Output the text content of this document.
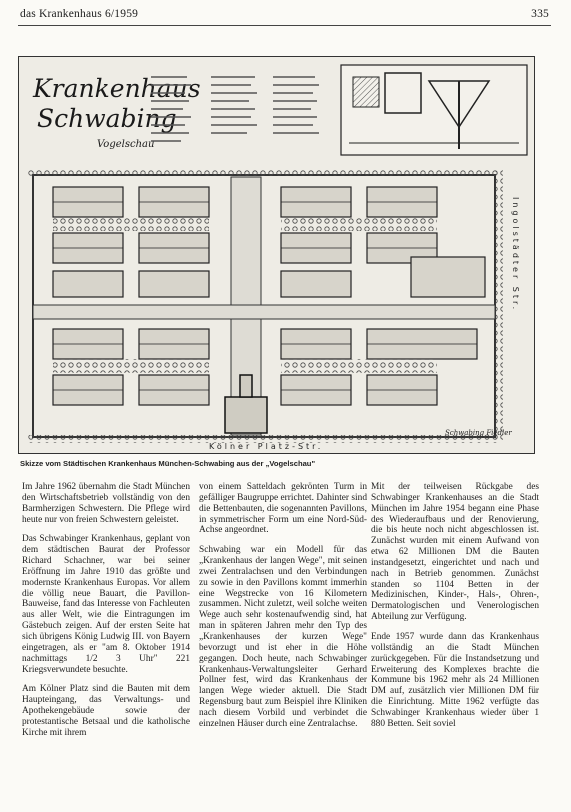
das Krankenhaus 6/1959	335
Krankenhaus
Schwabing
Vogelschau
Kölner Platz-Str.
Ingolstädter Str.
Schwabing Fiedler
Skizze vom Städtischen Krankenhaus München-Schwabing aus der „Vogelschau"

Im Jahre 1962 übernahm die Stadt München den Wirtschaftsbetrieb vollständig von den Barmherzigen Schwestern. Die Pflege wird heute nur von freien Schwestern geleistet.

Das Schwabinger Krankenhaus, geplant von dem städtischen Baurat der Professor Richard Schachner, war bei seiner Eröffnung im Jahre 1910 das größte und modernste Krankenhaus Europas. Vor allem die völlig neue Bauart, die Pavillon-Bauweise, fand das Interesse von Fachleuten aus aller Welt, wie die Eintragungen im Gästebuch zeigen. Auf der ersten Seite hat sich übrigens König Ludwig III. von Bayern eingetragen, als er "am 8. Oktober 1914 nachmittags 1/2 3 Uhr" 221 Kriegsverwundete besuchte.

Am Kölner Platz sind die Bauten mit dem Haupteingang, das Verwaltungs- und Apothekengebäude sowie der protestantische Betsaal und die katholische Kirche mit ihrem

von einem Satteldach gekrönten Turm in gefälliger Baugruppe errichtet. Dahinter sind die Bettenbauten, die sogenannten Pavillons, in symmetrischer Form um eine Nord-Süd-Achse angeordnet.

Schwabing war ein Modell für das „Krankenhaus der langen Wege", mit seinen zwei Zentralachsen und den Verbindungen zu sowie in den Pavillons kommt immerhin eine Wegstrecke von 16 Kilometern zusammen. Nicht zuletzt, weil solche weiten Wege auch sehr kostenaufwendig sind, hat man in späteren Jahren mehr den Typ des „Krankenhauses der kurzen Wege" bevorzugt und ist eher in die Höhe gegangen. Doch heute, nach Schwabinger Krankenhaus-Verwaltungsleiter Gerhard Pollner fest, wird das Krankenhaus der langen Wege wieder aktuell. Die Stadt Regensburg baut zum Beispiel ihre Kliniken nach diesem Vorbild und verbindet die einzelnen Häuser durch eine Zentralachse.

Mit der teilweisen Rückgabe des Schwabinger Krankenhauses an die Stadt München im Jahre 1954 begann eine Phase des Wiederaufbaus und der Renovierung, die bis heute noch nicht abgeschlossen ist. Zunächst wurden mit einem Aufwand von etwa 62 Millionen DM die Bauten instandgesetzt, eingerichtet und nach und nach in Betrieb genommen. Zunächst standen so 1104 Betten in der Medizinischen, Kinder-, Hals-, Ohren-, Dermatologischen und Venerologischen Abteilung zur Verfügung.

Ende 1957 wurde dann das Krankenhaus vollständig an die Stadt München zurückgegeben. Für die Instandsetzung und Erweiterung des Komplexes brachte die Kommune bis 1962 mehr als 24 Millionen DM auf, zusätzlich vier Millionen DM für die Einrichtung. Mitte 1962 verfügte das Schwabinger Krankenhaus wieder über 1 880 Betten. Seit soviel
